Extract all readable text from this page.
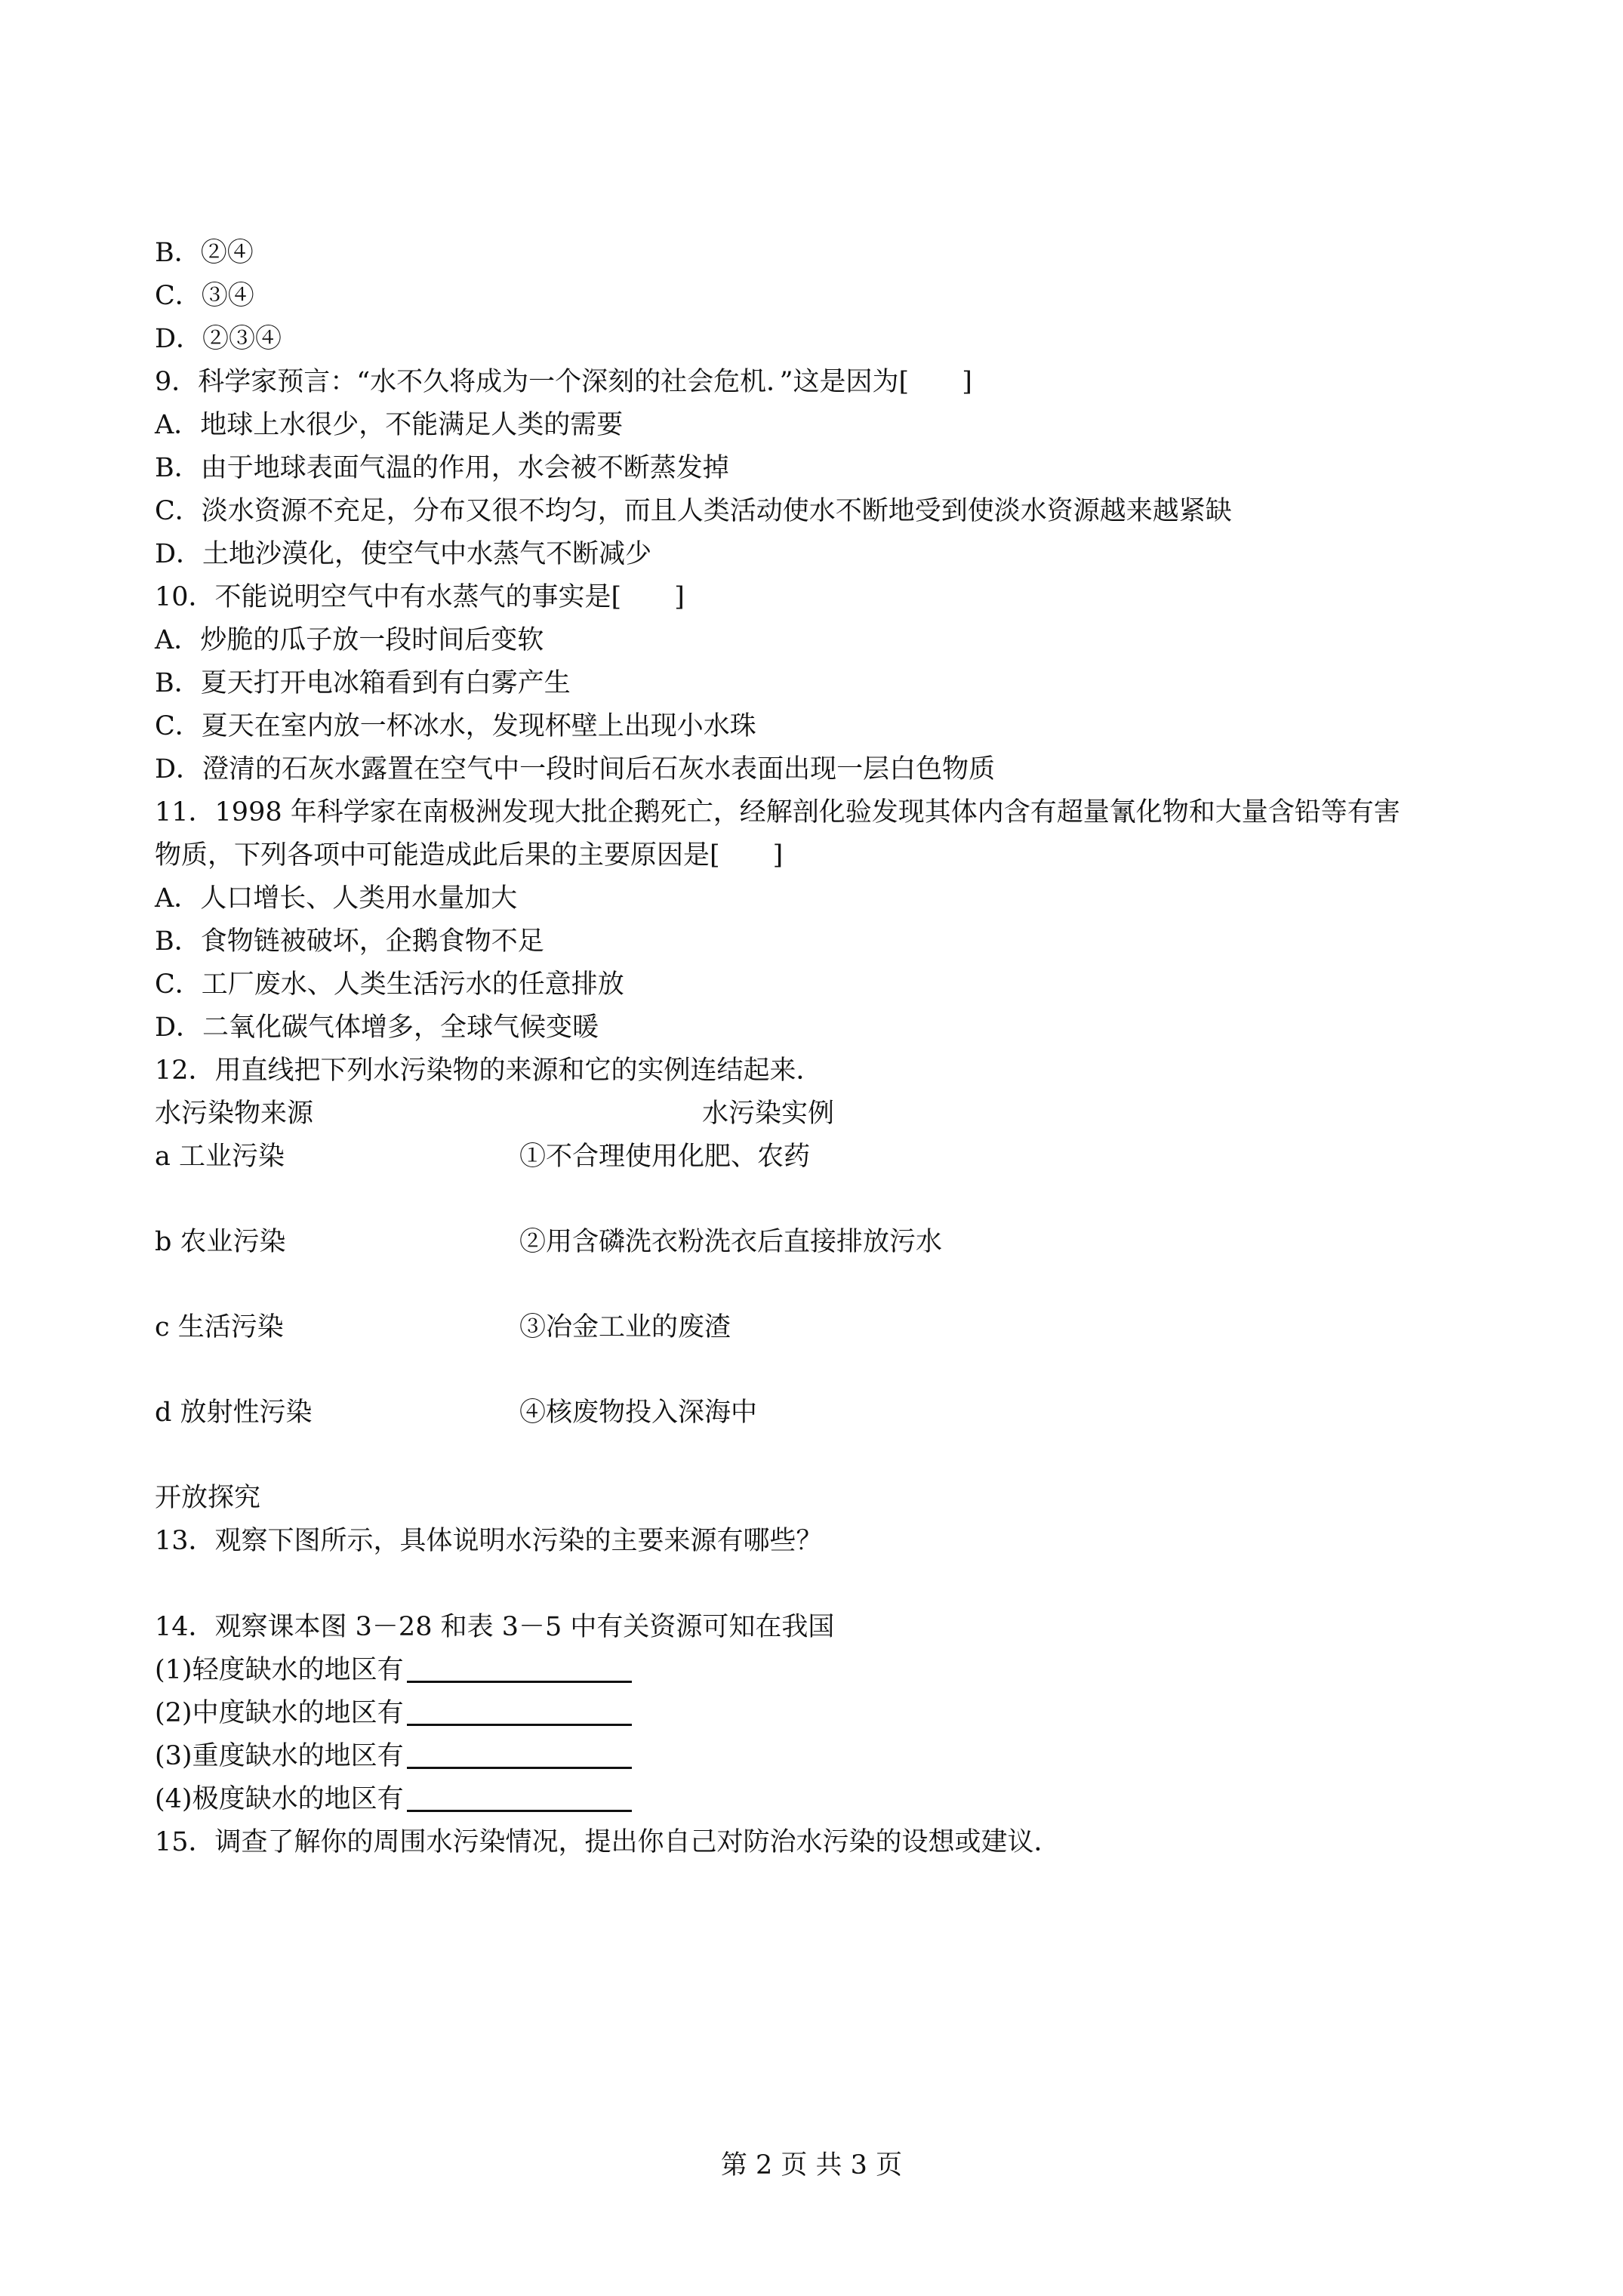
B．②④
C．③④
D．②③④
9．科学家预言：“水不久将成为一个深刻的社会危机．”这是因为[　　]
A．地球上水很少，不能满足人类的需要
B．由于地球表面气温的作用，水会被不断蒸发掉
C．淡水资源不充足，分布又很不均匀，而且人类活动使水不断地受到使淡水资源越来越紧缺
D．土地沙漠化，使空气中水蒸气不断减少
10．不能说明空气中有水蒸气的事实是[　　]
A．炒脆的瓜子放一段时间后变软
B．夏天打开电冰箱看到有白雾产生
C．夏天在室内放一杯冰水，发现杯壁上出现小水珠
D．澄清的石灰水露置在空气中一段时间后石灰水表面出现一层白色物质
11．1998 年科学家在南极洲发现大批企鹅死亡，经解剖化验发现其体内含有超量氰化物和大量含铅等有害
物质，下列各项中可能造成此后果的主要原因是[　　]
A．人口增长、人类用水量加大
B．食物链被破坏，企鹅食物不足
C．工厂废水、人类生活污水的任意排放
D．二氧化碳气体增多，全球气候变暖
12．用直线把下列水污染物的来源和它的实例连结起来．
水污染物来源	水污染实例
a 工业污染	①不合理使用化肥、农药
b 农业污染	②用含磷洗衣粉洗衣后直接排放污水
c 生活污染	③冶金工业的废渣
d 放射性污染	④核废物投入深海中
开放探究
13．观察下图所示，具体说明水污染的主要来源有哪些？
14．观察课本图 3－28 和表 3－5 中有关资源可知在我国
(1)轻度缺水的地区有
(2)中度缺水的地区有
(3)重度缺水的地区有
(4)极度缺水的地区有
15．调查了解你的周围水污染情况，提出你自己对防治水污染的设想或建议．
第 2 页 共 3 页
